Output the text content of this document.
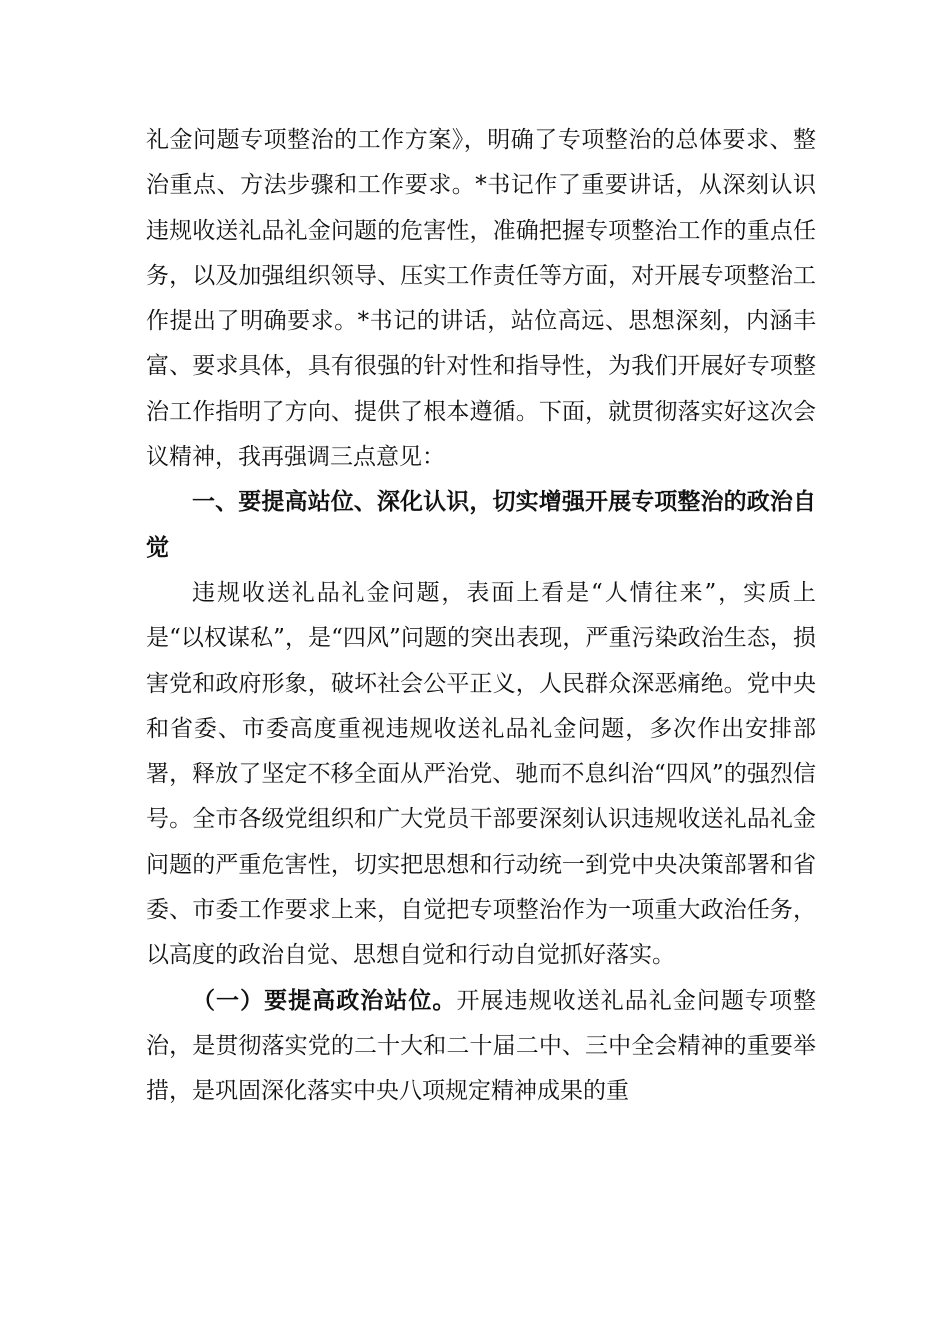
礼金问题专项整治的工作方案》，明确了专项整治的总体要求、整治重点、方法步骤和工作要求。*书记作了重要讲话，从深刻认识违规收送礼品礼金问题的危害性，准确把握专项整治工作的重点任务，以及加强组织领导、压实工作责任等方面，对开展专项整治工作提出了明确要求。*书记的讲话，站位高远、思想深刻，内涵丰富、要求具体，具有很强的针对性和指导性，为我们开展好专项整治工作指明了方向、提供了根本遵循。下面，就贯彻落实好这次会议精神，我再强调三点意见：

一、要提高站位、深化认识，切实增强开展专项整治的政治自觉

违规收送礼品礼金问题，表面上看是“人情往来”，实质上是“以权谋私”，是“四风”问题的突出表现，严重污染政治生态，损害党和政府形象，破坏社会公平正义，人民群众深恶痛绝。党中央和省委、市委高度重视违规收送礼品礼金问题，多次作出安排部署，释放了坚定不移全面从严治党、驰而不息纠治“四风”的强烈信号。全市各级党组织和广大党员干部要深刻认识违规收送礼品礼金问题的严重危害性，切实把思想和行动统一到党中央决策部署和省委、市委工作要求上来，自觉把专项整治作为一项重大政治任务，以高度的政治自觉、思想自觉和行动自觉抓好落实。

（一）要提高政治站位。开展违规收送礼品礼金问题专项整治，是贯彻落实党的二十大和二十届二中、三中全会精神的重要举措，是巩固深化落实中央八项规定精神成果的重
